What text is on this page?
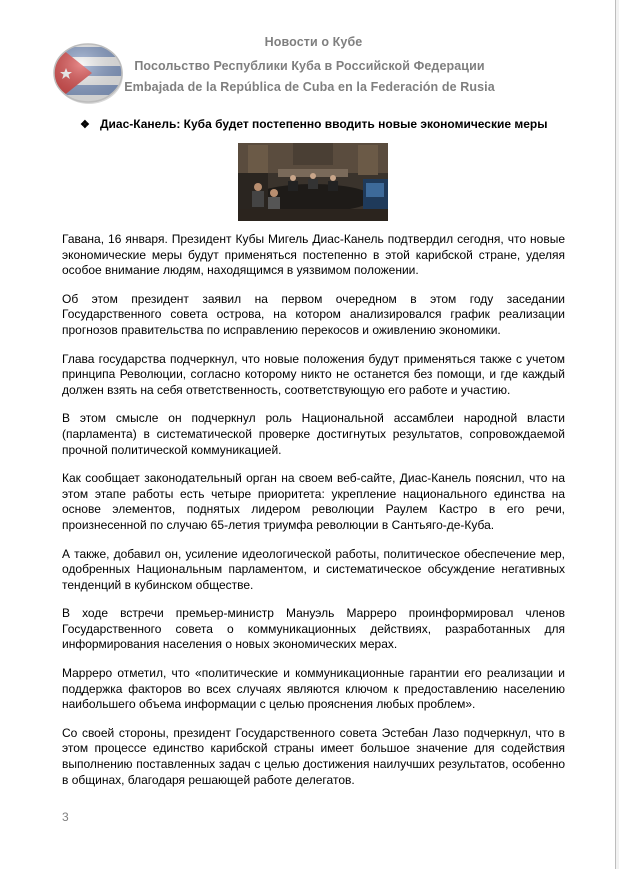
Новости о Кубе
Посольство Республики Куба в Российской Федерации
Embajada de la República de Cuba en la Federación de Rusia
❖ Диас-Канель: Куба будет постепенно вводить новые экономические меры

Гавана, 16 января. Президент Кубы Мигель Диас-Канель подтвердил сегодня, что новые экономические меры будут применяться постепенно в этой карибской стране, уделяя особое внимание людям, находящимся в уязвимом положении.

Об этом президент заявил на первом очередном в этом году заседании Государственного совета острова, на котором анализировался график реализации прогнозов правительства по исправлению перекосов и оживлению экономики.

Глава государства подчеркнул, что новые положения будут применяться также с учетом принципа Революции, согласно которому никто не останется без помощи, и где каждый должен взять на себя ответственность, соответствующую его работе и участию.

В этом смысле он подчеркнул роль Национальной ассамблеи народной власти (парламента) в систематической проверке достигнутых результатов, сопровождаемой прочной политической коммуникацией.

Как сообщает законодательный орган на своем веб-сайте, Диас-Канель пояснил, что на этом этапе работы есть четыре приоритета: укрепление национального единства на основе элементов, поднятых лидером революции Раулем Кастро в его речи, произнесенной по случаю 65-летия триумфа революции в Сантьяго-де-Куба.

А также, добавил он, усиление идеологической работы, политическое обеспечение мер, одобренных Национальным парламентом, и систематическое обсуждение негативных тенденций в кубинском обществе.

В ходе встречи премьер-министр Мануэль Марреро проинформировал членов Государственного совета о коммуникационных действиях, разработанных для информирования населения о новых экономических мерах.

Марреро отметил, что «политические и коммуникационные гарантии его реализации и поддержка факторов во всех случаях являются ключом к предоставлению населению наибольшего объема информации с целью прояснения любых проблем».

Со своей стороны, президент Государственного совета Эстебан Лазо подчеркнул, что в этом процессе единство карибской страны имеет большое значение для содействия выполнению поставленных задач с целью достижения наилучших результатов, особенно в общинах, благодаря решающей работе делегатов.

3
